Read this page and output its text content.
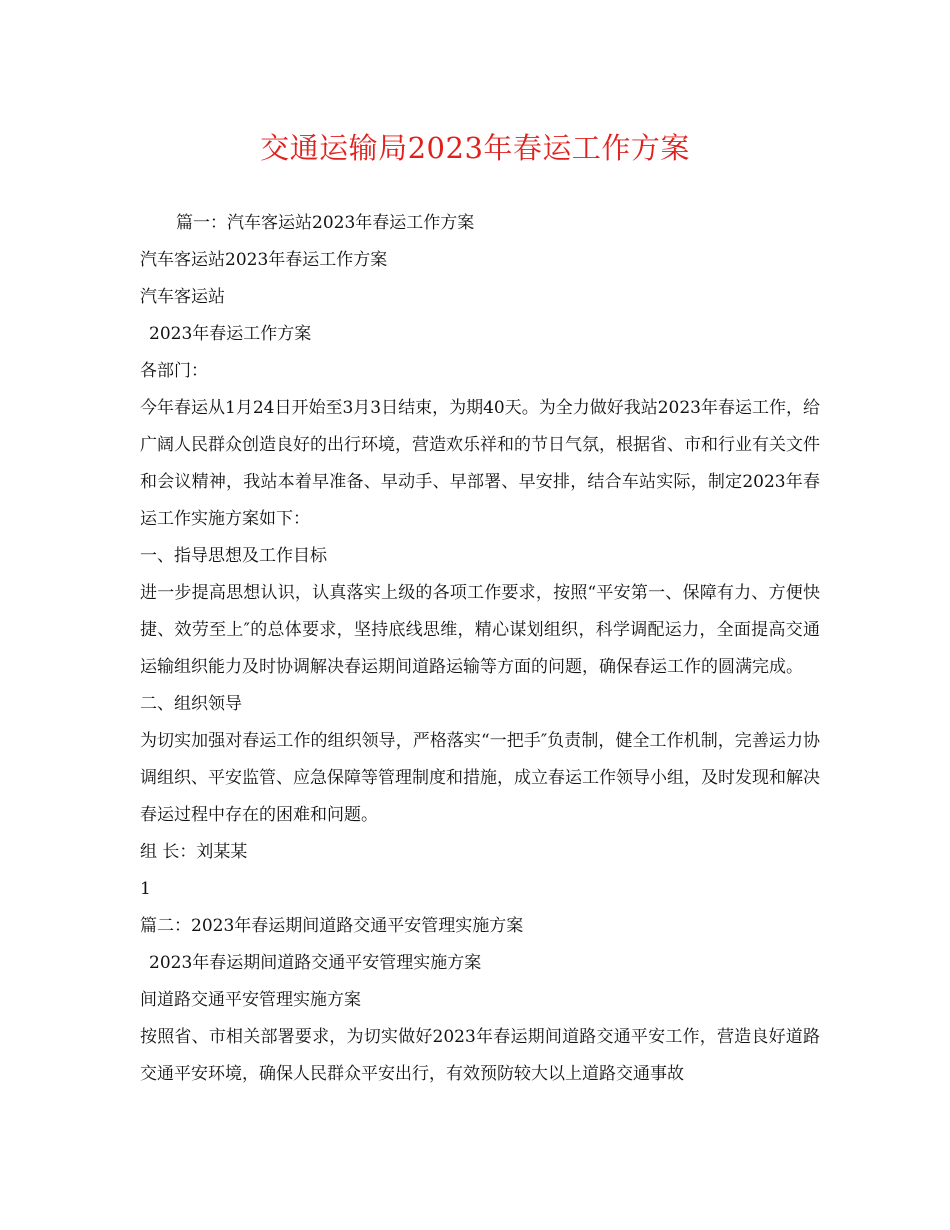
交通运输局2023年春运工作方案

篇一：汽车客运站2023年春运工作方案

汽车客运站2023年春运工作方案

汽车客运站

2023年春运工作方案

各部门：

今年春运从1月24日开始至3月3日结束，为期40天。为全力做好我站2023年春运工作，给广阔人民群众创造良好的出行环境，营造欢乐祥和的节日气氛，根据省、市和行业有关文件和会议精神，我站本着早准备、早动手、早部署、早安排，结合车站实际，制定2023年春运工作实施方案如下：

一、指导思想及工作目标

进一步提高思想认识，认真落实上级的各项工作要求，按照“平安第一、保障有力、方便快捷、效劳至上″的总体要求，坚持底线思维，精心谋划组织，科学调配运力，全面提高交通运输组织能力及时协调解决春运期间道路运输等方面的问题，确保春运工作的圆满完成。

二、组织领导

为切实加强对春运工作的组织领导，严格落实“一把手″负责制，健全工作机制，完善运力协调组织、平安监管、应急保障等管理制度和措施，成立春运工作领导小组，及时发现和解决春运过程中存在的困难和问题。

组 长：刘某某

1

篇二：2023年春运期间道路交通平安管理实施方案

2023年春运期间道路交通平安管理实施方案

间道路交通平安管理实施方案

按照省、市相关部署要求，为切实做好2023年春运期间道路交通平安工作，营造良好道路交通平安环境，确保人民群众平安出行，有效预防较大以上道路交通事故
